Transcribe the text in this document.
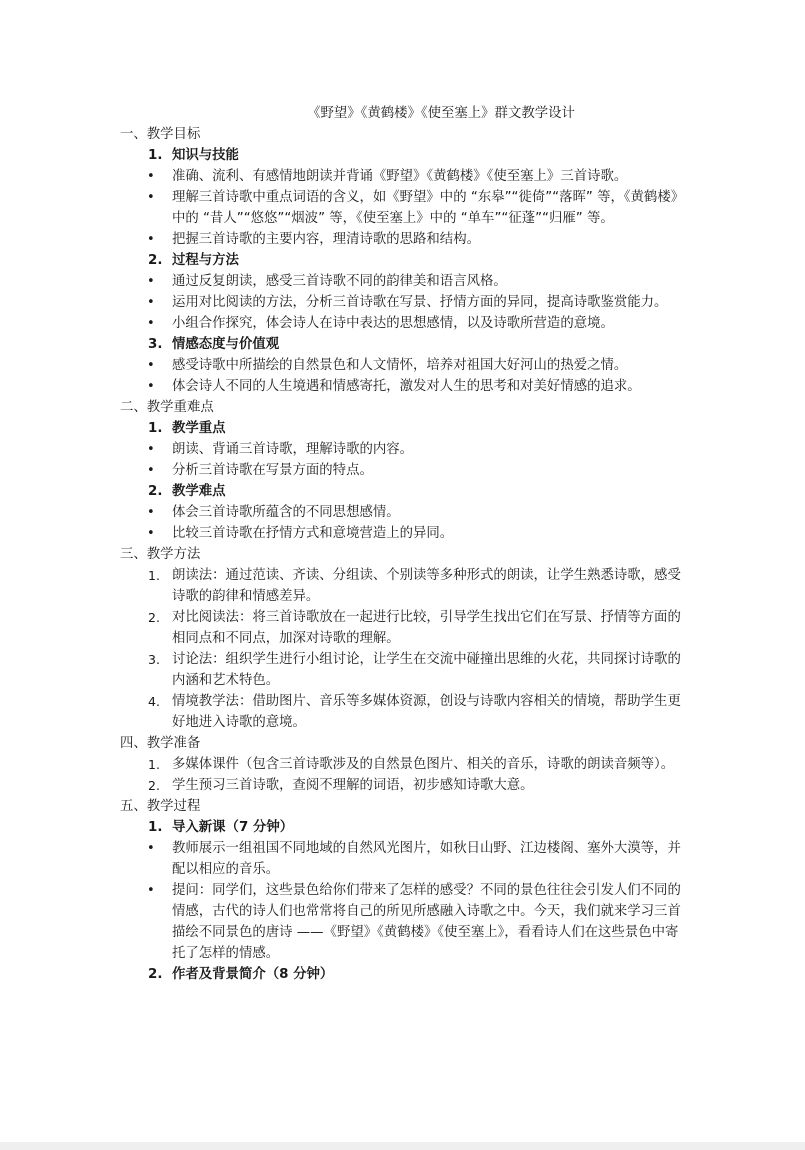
《野望》《黄鹤楼》《使至塞上》群文教学设计
一、教学目标
1. 知识与技能
• 准确、流利、有感情地朗读并背诵《野望》《黄鹤楼》《使至塞上》三首诗歌。
• 理解三首诗歌中重点词语的含义，如《野望》中的 “东皋”“徙倚”“落晖” 等，《黄鹤楼》中的 “昔人”“悠悠”“烟波” 等，《使至塞上》中的 “单车”“征蓬”“归雁” 等。
• 把握三首诗歌的主要内容，理清诗歌的思路和结构。
2. 过程与方法
• 通过反复朗读，感受三首诗歌不同的韵律美和语言风格。
• 运用对比阅读的方法，分析三首诗歌在写景、抒情方面的异同，提高诗歌鉴赏能力。
• 小组合作探究，体会诗人在诗中表达的思想感情，以及诗歌所营造的意境。
3. 情感态度与价值观
• 感受诗歌中所描绘的自然景色和人文情怀，培养对祖国大好河山的热爱之情。
• 体会诗人不同的人生境遇和情感寄托，激发对人生的思考和对美好情感的追求。
二、教学重难点
1. 教学重点
• 朗读、背诵三首诗歌，理解诗歌的内容。
• 分析三首诗歌在写景方面的特点。
2. 教学难点
• 体会三首诗歌所蕴含的不同思想感情。
• 比较三首诗歌在抒情方式和意境营造上的异同。
三、教学方法
1. 朗读法：通过范读、齐读、分组读、个别读等多种形式的朗读，让学生熟悉诗歌，感受诗歌的韵律和情感差异。
2. 对比阅读法：将三首诗歌放在一起进行比较，引导学生找出它们在写景、抒情等方面的相同点和不同点，加深对诗歌的理解。
3. 讨论法：组织学生进行小组讨论，让学生在交流中碰撞出思维的火花，共同探讨诗歌的内涵和艺术特色。
4. 情境教学法：借助图片、音乐等多媒体资源，创设与诗歌内容相关的情境，帮助学生更好地进入诗歌的意境。
四、教学准备
1. 多媒体课件（包含三首诗歌涉及的自然景色图片、相关的音乐，诗歌的朗读音频等）。
2. 学生预习三首诗歌，查阅不理解的词语，初步感知诗歌大意。
五、教学过程
1. 导入新课（7 分钟）
• 教师展示一组祖国不同地域的自然风光图片，如秋日山野、江边楼阁、塞外大漠等，并配以相应的音乐。
• 提问：同学们，这些景色给你们带来了怎样的感受？不同的景色往往会引发人们不同的情感，古代的诗人们也常常将自己的所见所感融入诗歌之中。今天，我们就来学习三首描绘不同景色的唐诗 ——《野望》《黄鹤楼》《使至塞上》，看看诗人们在这些景色中寄托了怎样的情感。
2. 作者及背景简介（8 分钟）
